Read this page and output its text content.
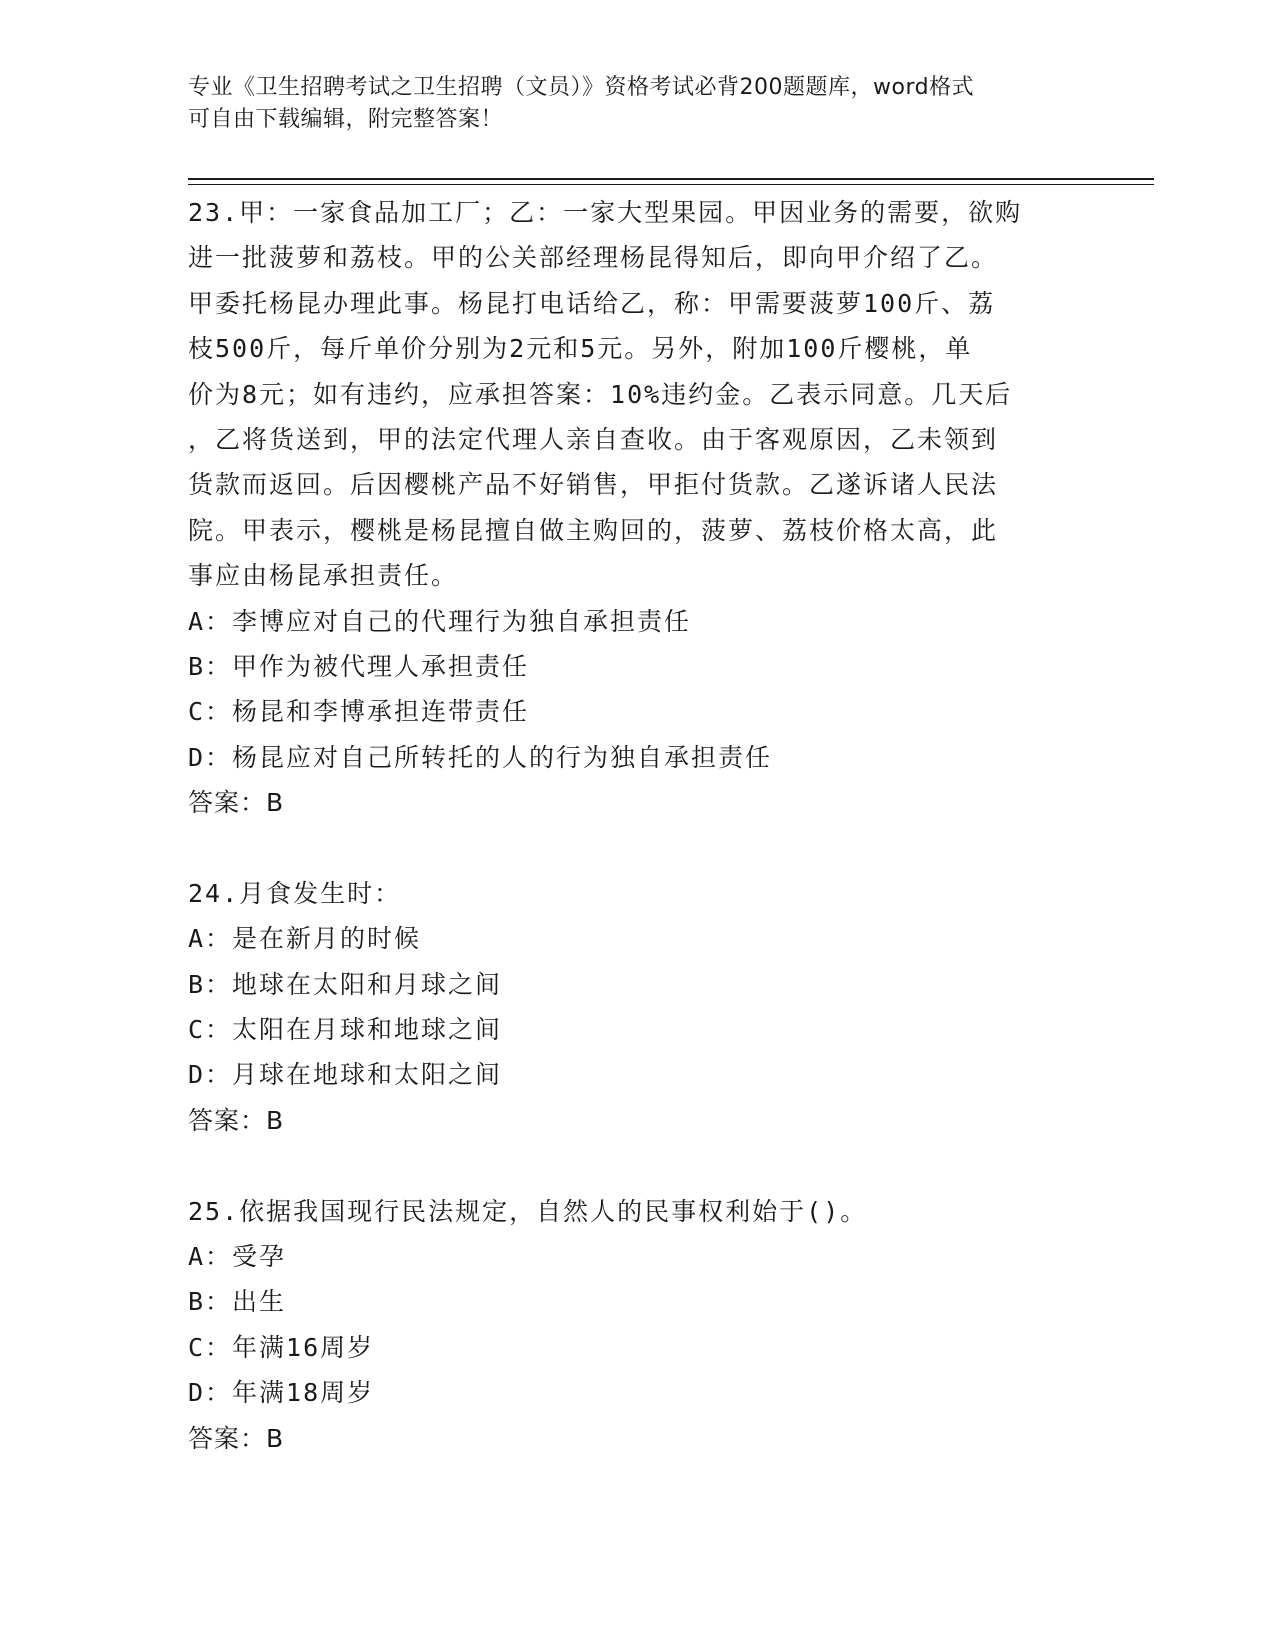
专业《卫生招聘考试之卫生招聘（文员）》资格考试必背200题题库，word格式
可自由下载编辑，附完整答案！
23.甲：一家食品加工厂；乙：一家大型果园。甲因业务的需要，欲购
进一批菠萝和荔枝。甲的公关部经理杨昆得知后，即向甲介绍了乙。
甲委托杨昆办理此事。杨昆打电话给乙，称：甲需要菠萝100斤、荔
枝500斤，每斤单价分别为2元和5元。另外，附加100斤樱桃，单
价为8元；如有违约，应承担答案：10%违约金。乙表示同意。几天后
，乙将货送到，甲的法定代理人亲自查收。由于客观原因，乙未领到
货款而返回。后因樱桃产品不好销售，甲拒付货款。乙遂诉诸人民法
院。甲表示，樱桃是杨昆擅自做主购回的，菠萝、荔枝价格太高，此
事应由杨昆承担责任。
A：李博应对自己的代理行为独自承担责任
B：甲作为被代理人承担责任
C：杨昆和李博承担连带责任
D：杨昆应对自己所转托的人的行为独自承担责任
答案：B
24.月食发生时：
A：是在新月的时候
B：地球在太阳和月球之间
C：太阳在月球和地球之间
D：月球在地球和太阳之间
答案：B
25.依据我国现行民法规定，自然人的民事权利始于()。
A：受孕
B：出生
C：年满16周岁
D：年满18周岁
答案：B
